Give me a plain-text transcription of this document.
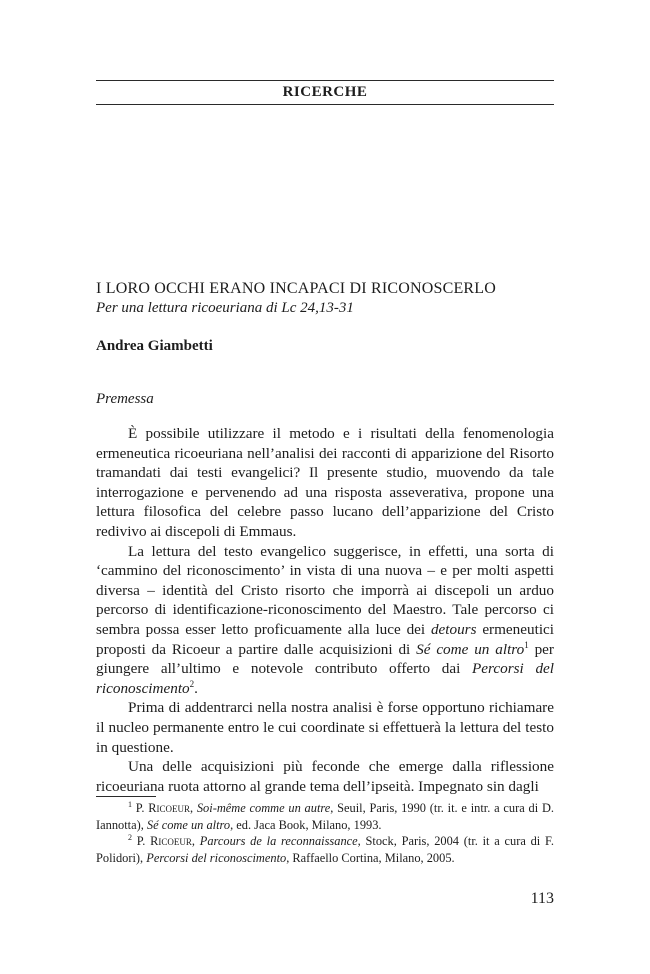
RICERCHE
I LORO OCCHI ERANO INCAPACI DI RICONOSCERLO
Per una lettura ricoeuriana di Lc 24,13-31
Andrea Giambetti
Premessa

È possibile utilizzare il metodo e i risultati della fenomenologia ermeneutica ricoeuriana nell’analisi dei racconti di apparizione del Risorto tramandati dai testi evangelici? Il presente studio, muovendo da tale interrogazione e pervenendo ad una risposta asseverativa, propone una lettura filosofica del celebre passo lucano dell’apparizione del Cristo redivivo ai discepoli di Emmaus.

La lettura del testo evangelico suggerisce, in effetti, una sorta di ‘cammino del riconoscimento’ in vista di una nuova – e per molti aspetti diversa – identità del Cristo risorto che imporrà ai discepoli un arduo percorso di identificazione-riconoscimento del Maestro. Tale percorso ci sembra possa esser letto proficuamente alla luce dei detours ermeneutici proposti da Ricoeur a partire dalle acquisizioni di Sé come un altro$^1$ per giungere all’ultimo e notevole contributo offerto dai Percorsi del riconoscimento$^2$.

Prima di addentrarci nella nostra analisi è forse opportuno richiamare il nucleo permanente entro le cui coordinate si effettuerà la lettura del testo in questione.

Una delle acquisizioni più feconde che emerge dalla riflessione ricoeuriana ruota attorno al grande tema dell’ipseità. Impegnato sin dagli

$^1$ P. Ricoeur, Soi-même comme un autre, Seuil, Paris, 1990 (tr. it. e intr. a cura di D. Iannotta), Sé come un altro, ed. Jaca Book, Milano, 1993.

$^2$ P. Ricoeur, Parcours de la reconnaissance, Stock, Paris, 2004 (tr. it a cura di F. Polidori), Percorsi del riconoscimento, Raffaello Cortina, Milano, 2005.

113
